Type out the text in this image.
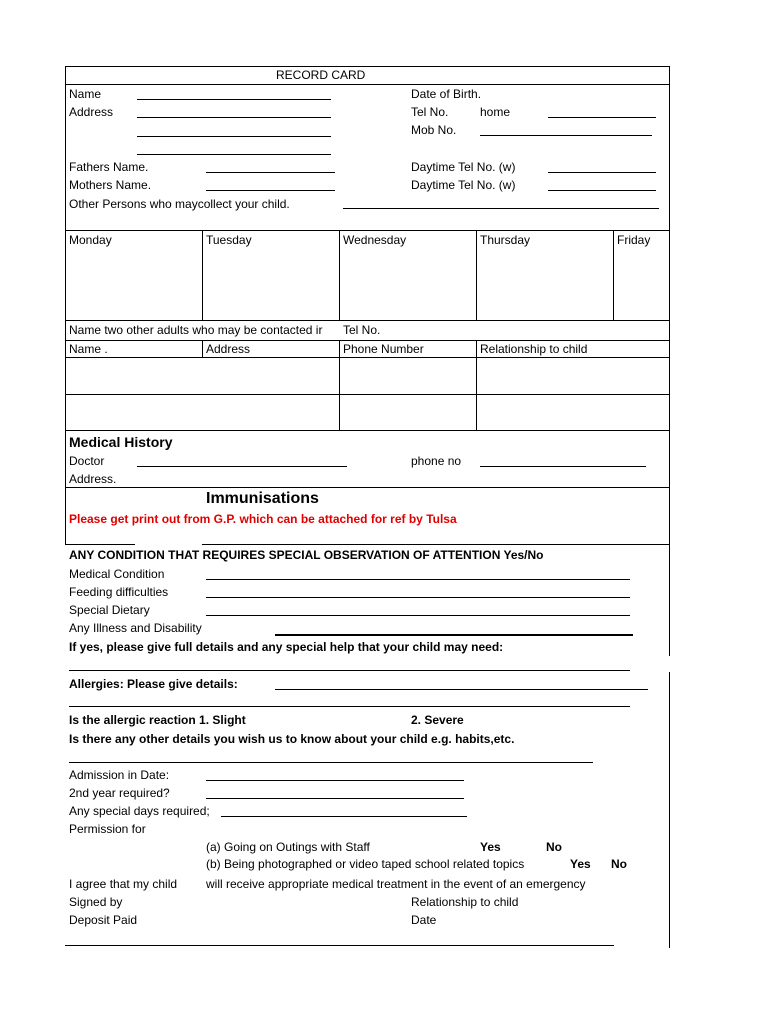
RECORD CARD
Name
Address
Date of Birth.
Tel No.	home
Mob No.
Fathers Name.
Mothers Name.
Daytime Tel No. (w)
Daytime Tel No. (w)
Other Persons who maycollect your child.
Monday	Tuesday	Wednesday	Thursday	Friday
Name two other adults who may be contacted ir	Tel No.
Name .	Address	Phone Number	Relationship to child
Medical History
Doctor	phone no
Address.
Immunisations
Please get print out from G.P. which can be attached for ref by Tulsa
ANY CONDITION THAT REQUIRES SPECIAL OBSERVATION OF ATTENTION Yes/No
Medical Condition
Feeding difficulties
Special Dietary
Any Illness and Disability
If yes, please give full details and any special help that your child may need:
Allergies: Please give details:
Is the allergic reaction 1. Slight	2. Severe
Is there any other details you wish us to know about your child e.g. habits,etc.
Admission in Date:
2nd year required?
Any special days required;
Permission for
(a) Going on Outings with Staff	Yes	No
(b) Being photographed or video taped school related topics	Yes No
I agree that my child will receive appropriate medical treatment in the event of an emergency
Signed by	Relationship to child
Deposit Paid	Date
